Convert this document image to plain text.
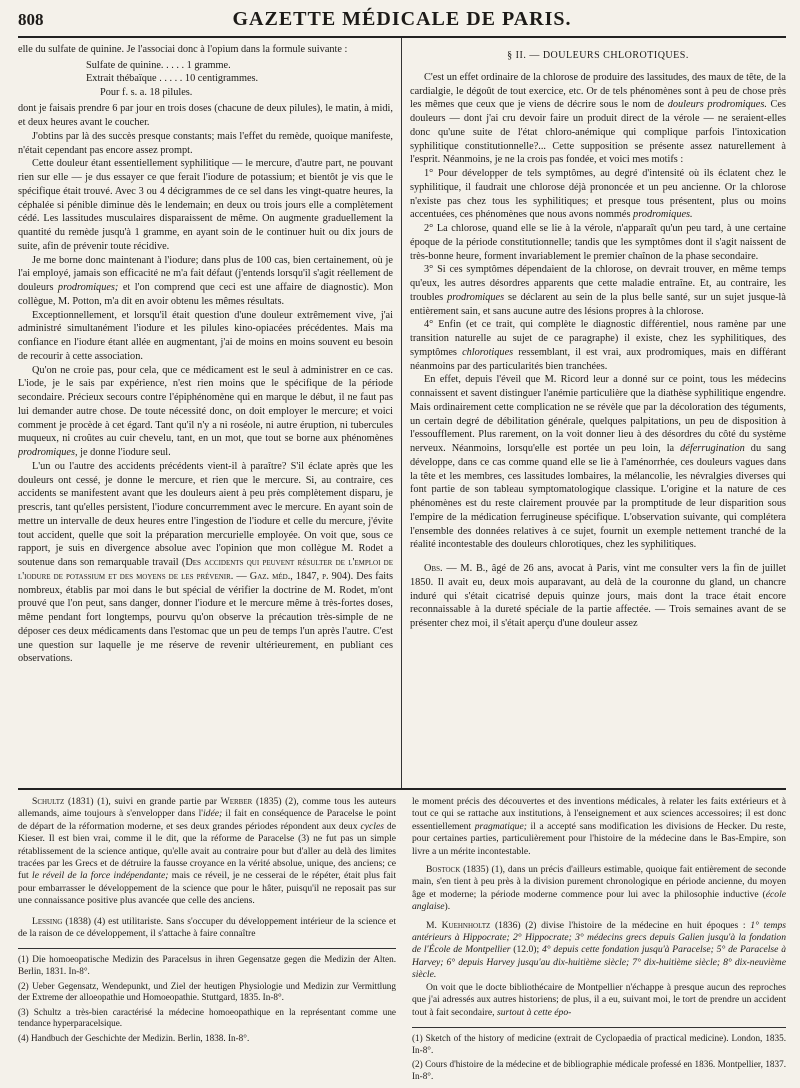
808	GAZETTE MÉDICALE DE PARIS.

elle du sulfate de quinine. Je l'associai donc à l'opium dans la formule suivante :

Sulfate de quinine. . . . . 1 gramme.
Extrait thébaïque . . . . . 10 centigrammes.
Pour f. s. a. 18 pilules.

dont je faisais prendre 6 par jour en trois doses (chacune de deux pilules), le matin, à midi, et deux heures avant le coucher.

J'obtins par là des succès presque constants; mais l'effet du remède, quoique manifeste, n'était cependant pas encore assez prompt.

Cette douleur étant essentiellement syphilitique — le mercure, d'autre part, ne pouvant rien sur elle — je dus essayer ce que ferait l'iodure de potassium; et bientôt je vis que le spécifique était trouvé. Avec 3 ou 4 décigrammes de ce sel dans les vingt-quatre heures, la céphalée si pénible diminue dès le lendemain; en deux ou trois jours elle a complètement cédé. Les lassitudes musculaires disparaissent de même. On augmente graduellement la quantité du remède jusqu'à 1 gramme, en ayant soin de le continuer huit ou dix jours de suite, afin de prévenir toute récidive.

Je me borne donc maintenant à l'iodure; dans plus de 100 cas, bien certainement, où je l'ai employé, jamais son efficacité ne m'a fait défaut (j'entends lorsqu'il s'agit réellement de douleurs prodromiques; et l'on comprend que ceci est une affaire de diagnostic). Mon collègue, M. Potton, m'a dit en avoir obtenu les mêmes résultats.

Exceptionnellement, et lorsqu'il était question d'une douleur extrêmement vive, j'ai administré simultanément l'iodure et les pilules kino-opiacées précédentes. Mais ma confiance en l'iodure étant allée en augmentant, j'ai de moins en moins souvent eu besoin de recourir à cette association.

Qu'on ne croie pas, pour cela, que ce médicament est le seul à administrer en ce cas. L'iode, je le sais par expérience, n'est rien moins que le spécifique de la période secondaire. Précieux secours contre l'épiphénomène qui en marque le début, il ne faut pas lui demander autre chose. De toute nécessité donc, on doit employer le mercure; et voici comment je procède à cet égard. Tant qu'il n'y a ni roséole, ni autre éruption, ni tubercules muqueux, ni croûtes au cuir chevelu, tant, en un mot, que tout se borne aux phénomènes prodromiques, je donne l'iodure seul.

L'un ou l'autre des accidents précédents vient-il à paraître? S'il éclate après que les douleurs ont cessé, je donne le mercure, et rien que le mercure. Si, au contraire, ces accidents se manifestent avant que les douleurs aient à peu près complètement disparu, je prescris, tant qu'elles persistent, l'iodure concurremment avec le mercure. En ayant soin de mettre un intervalle de deux heures entre l'ingestion de l'iodure et celle du mercure, j'évite tout accident, quelle que soit la préparation mercurielle employée. On voit que, sous ce rapport, je suis en divergence absolue avec l'opinion que mon collègue M. Rodet a soutenue dans son remarquable travail (Des accidents qui peuvent résulter de l'emploi de l'iodure de potassium et des moyens de les prévenir. — Gaz. méd., 1847, p. 904). Des faits nombreux, établis par moi dans le but spécial de vérifier la doctrine de M. Rodet, m'ont prouvé que l'on peut, sans danger, donner l'iodure et le mercure même à très-fortes doses, même pendant fort longtemps, pourvu qu'on observe la précaution très-simple de ne déposer ces deux médicaments dans l'estomac que un peu de temps l'un après l'autre. C'est une question sur laquelle je me réserve de revenir ultérieurement, en publiant ces observations.

§ II. — DOULEURS CHLOROTIQUES.

C'est un effet ordinaire de la chlorose de produire des lassitudes, des maux de tête, de la cardialgie, le dégoût de tout exercice, etc. Or de tels phénomènes sont à peu de chose près les mêmes que ceux que je viens de décrire sous le nom de douleurs prodromiques. Ces douleurs — dont j'ai cru devoir faire un produit direct de la vérole — ne seraient-elles donc qu'une suite de l'état chloro-anémique qui complique parfois l'intoxication syphilitique constitutionnelle?... Cette supposition se présente assez naturellement à l'esprit. Néanmoins, je ne la crois pas fondée, et voici mes motifs :

1° Pour développer de tels symptômes, au degré d'intensité où ils éclatent chez le syphilitique, il faudrait une chlorose déjà prononcée et un peu ancienne. Or la chlorose n'existe pas chez tous les syphilitiques; et presque tous présentent, plus ou moins accentuées, ces phénomènes que nous avons nommés prodromiques.

2° La chlorose, quand elle se lie à la vérole, n'apparaît qu'un peu tard, à une certaine époque de la période constitutionnelle; tandis que les symptômes dont il s'agit naissent de très-bonne heure, forment invariablement le premier chaînon de la phase secondaire.

3° Si ces symptômes dépendaient de la chlorose, on devrait trouver, en même temps qu'eux, les autres désordres apparents que cette maladie entraîne. Et, au contraire, les troubles prodromiques se déclarent au sein de la plus belle santé, sur un sujet jusque-là entièrement sain, et sans aucune autre des lésions propres à la chlorose.

4° Enfin (et ce trait, qui complète le diagnostic différentiel, nous ramène par une transition naturelle au sujet de ce paragraphe) il existe, chez les syphilitiques, des symptômes chlorotiques ressemblant, il est vrai, aux prodromiques, mais en différant néanmoins par des particularités bien tranchées.

En effet, depuis l'éveil que M. Ricord leur a donné sur ce point, tous les médecins connaissent et savent distinguer l'anémie particulière que la diathèse syphilitique engendre. Mais ordinairement cette complication ne se révèle que par la décoloration des téguments, un certain degré de débilitation générale, quelques palpitations, un peu de disposition à l'essoufflement. Plus rarement, on la voit donner lieu à des désordres du côté du système nerveux. Néanmoins, lorsqu'elle est portée un peu loin, la déferrugination du sang développe, dans ce cas comme quand elle se lie à l'aménorrhée, ces douleurs vagues dans la tête et les membres, ces lassitudes lombaires, la mélancolie, les névralgies diverses qui font partie de son tableau symptomatologique classique. L'origine et la nature de ces phénomènes est du reste clairement prouvée par la promptitude de leur disparition sous l'empire de la médication ferrugineuse spécifique. L'observation suivante, qui complétera l'ensemble des données relatives à ce sujet, fournit un exemple nettement tranché de la réalité incontestable des douleurs chlorotiques, chez les syphilitiques.

Obs. — M. B., âgé de 26 ans, avocat à Paris, vint me consulter vers la fin de juillet 1850. Il avait eu, deux mois auparavant, au delà de la couronne du gland, un chancre induré qui s'était cicatrisé depuis quinze jours, mais dont la trace était encore reconnaissable à la dureté spéciale de la partie affectée. — Trois semaines avant de se présenter chez moi, il s'était aperçu d'une douleur assez

Schultz (1831) (1), suivi en grande partie par Werber (1835) (2), comme tous les auteurs allemands, aime toujours à s'envelopper dans l'idée; il fait en conséquence de Paracelse le point de départ de la réformation moderne, et ses deux grandes périodes répondent aux deux cycles de Kieser. Il est bien vrai, comme il le dit, que la réforme de Paracelse (3) ne fut pas un simple rétablissement de la science antique, qu'elle avait au contraire pour but d'aller au delà des limites tracées par les Grecs et de détruire la fausse croyance en la vérité absolue, unique, des anciens; ce fut le réveil de la force indépendante; mais ce réveil, je ne cesserai de le répéter, était plus fait pour embarrasser le développement de la science que pour le hâter, puisqu'il ne reposait pas sur une connaissance positive plus avancée que celle des anciens.

Lessing (1838) (4) est utilitariste. Sans s'occuper du développement intérieur de la science et de la raison de ce développement, il s'attache à faire connaître

(1) Die homoeopatische Medizin des Paracelsus in ihren Gegensatze gegen die Medizin der Alten. Berlin, 1831. In-8°.
(2) Ueber Gegensatz, Wendepunkt, und Ziel der heutigen Physiologie und Medizin zur Vermittlung der Extreme der alloeopathie und Homoeopathie. Stuttgard, 1835. In-8°.
(3) Schultz a très-bien caractérisé la médecine homoeopathique en la représentant comme une tendance hyperparacelsique.
(4) Handbuch der Geschichte der Medizin. Berlin, 1838. In-8°.

le moment précis des découvertes et des inventions médicales, à relater les faits extérieurs et à tout ce qui se rattache aux institutions, à l'enseignement et aux sciences accessoires; il est donc essentiellement pragmatique; il a accepté sans modification les divisions de Hecker. Du reste, pour certaines parties, particulièrement pour l'histoire de la médecine dans le Bas-Empire, son livre a un mérite incontestable.

Bostock (1835) (1), dans un précis d'ailleurs estimable, quoique fait entièrement de seconde main, s'en tient à peu près à la division purement chronologique en période ancienne, du moyen âge et moderne; la période moderne commence pour lui avec la philosophie inductive (école anglaise).

M. Kuehnholtz (1836) (2) divise l'histoire de la médecine en huit époques : 1° temps antérieurs à Hippocrate; 2° Hippocrate; 3° médecins grecs depuis Galien jusqu'à la fondation de l'École de Montpellier (12.0); 4° depuis cette fondation jusqu'à Paracelse; 5° de Paracelse à Harvey; 6° depuis Harvey jusqu'au dix-huitième siècle; 7° dix-huitième siècle; 8° dix-neuvième siècle.

On voit que le docte bibliothécaire de Montpellier n'échappe à presque aucun des reproches que j'ai adressés aux autres historiens; de plus, il a eu, suivant moi, le tort de prendre un accident tout à fait secondaire, surtout à cette épo-

(1) Sketch of the history of medicine (extrait de Cyclopaedia of practical medicine). London, 1835. In-8°.
(2) Cours d'histoire de la médecine et de bibliographie médicale professé en 1836. Montpellier, 1837. In-8°.
